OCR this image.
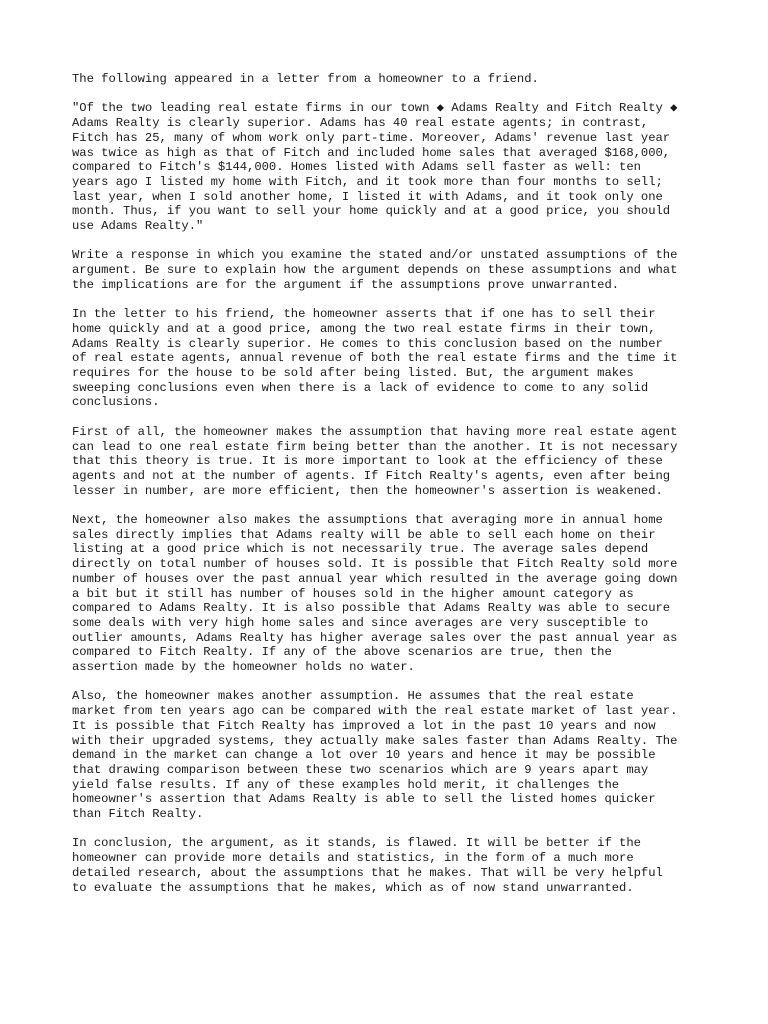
The following appeared in a letter from a homeowner to a friend.

"Of the two leading real estate firms in our town ◆ Adams Realty and Fitch Realty ◆
Adams Realty is clearly superior. Adams has 40 real estate agents; in contrast,
Fitch has 25, many of whom work only part-time. Moreover, Adams' revenue last year
was twice as high as that of Fitch and included home sales that averaged $168,000,
compared to Fitch's $144,000. Homes listed with Adams sell faster as well: ten
years ago I listed my home with Fitch, and it took more than four months to sell;
last year, when I sold another home, I listed it with Adams, and it took only one
month. Thus, if you want to sell your home quickly and at a good price, you should
use Adams Realty."

Write a response in which you examine the stated and/or unstated assumptions of the
argument. Be sure to explain how the argument depends on these assumptions and what
the implications are for the argument if the assumptions prove unwarranted.

In the letter to his friend, the homeowner asserts that if one has to sell their
home quickly and at a good price, among the two real estate firms in their town,
Adams Realty is clearly superior. He comes to this conclusion based on the number
of real estate agents, annual revenue of both the real estate firms and the time it
requires for the house to be sold after being listed. But, the argument makes
sweeping conclusions even when there is a lack of evidence to come to any solid
conclusions.

First of all, the homeowner makes the assumption that having more real estate agent
can lead to one real estate firm being better than the another. It is not necessary
that this theory is true. It is more important to look at the efficiency of these
agents and not at the number of agents. If Fitch Realty's agents, even after being
lesser in number, are more efficient, then the homeowner's assertion is weakened.

Next, the homeowner also makes the assumptions that averaging more in annual home
sales directly implies that Adams realty will be able to sell each home on their
listing at a good price which is not necessarily true. The average sales depend
directly on total number of houses sold. It is possible that Fitch Realty sold more
number of houses over the past annual year which resulted in the average going down
a bit but it still has number of houses sold in the higher amount category as
compared to Adams Realty. It is also possible that Adams Realty was able to secure
some deals with very high home sales and since averages are very susceptible to
outlier amounts, Adams Realty has higher average sales over the past annual year as
compared to Fitch Realty. If any of the above scenarios are true, then the
assertion made by the homeowner holds no water.

Also, the homeowner makes another assumption. He assumes that the real estate
market from ten years ago can be compared with the real estate market of last year.
It is possible that Fitch Realty has improved a lot in the past 10 years and now
with their upgraded systems, they actually make sales faster than Adams Realty. The
demand in the market can change a lot over 10 years and hence it may be possible
that drawing comparison between these two scenarios which are 9 years apart may
yield false results. If any of these examples hold merit, it challenges the
homeowner's assertion that Adams Realty is able to sell the listed homes quicker
than Fitch Realty.

In conclusion, the argument, as it stands, is flawed. It will be better if the
homeowner can provide more details and statistics, in the form of a much more
detailed research, about the assumptions that he makes. That will be very helpful
to evaluate the assumptions that he makes, which as of now stand unwarranted.
